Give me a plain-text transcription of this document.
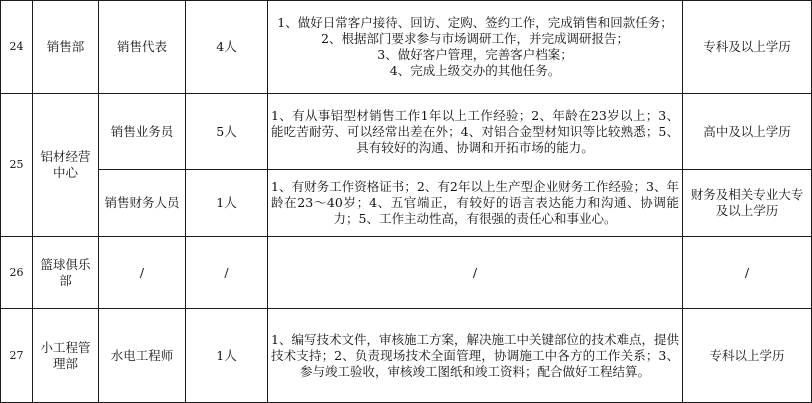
24	销售部	销售代表	4人	1、做好日常客户接待、回访、定购、签约工作，完成销售和回款任务；
2、根据部门要求参与市场调研工作，并完成调研报告；
3、做好客户管理，完善客户档案；
4、完成上级交办的其他任务。	专科及以上学历
25	铝材经营中心	销售业务员	5人	1、有从事铝型材销售工作1年以上工作经验；2、年龄在23岁以上；3、能吃苦耐劳、可以经常出差在外；4、对铝合金型材知识等比较熟悉；5、具有较好的沟通、协调和开拓市场的能力。	高中及以上学历
		销售财务人员	1人	1、有财务工作资格证书；2、有2年以上生产型企业财务工作经验；3、年龄在23～40岁；4、五官端正，有较好的语言表达能力和沟通、协调能力；5、工作主动性高，有很强的责任心和事业心。	财务及相关专业大专及以上学历
26	篮球俱乐部	/	/	/	/
27	小工程管理部	水电工程师	1人	1、编写技术文件，审核施工方案，解决施工中关键部位的技术难点，提供技术支持；2、负责现场技术全面管理，协调施工中各方的工作关系；3、参与竣工验收，审核竣工图纸和竣工资料；配合做好工程结算。	专科以上学历
